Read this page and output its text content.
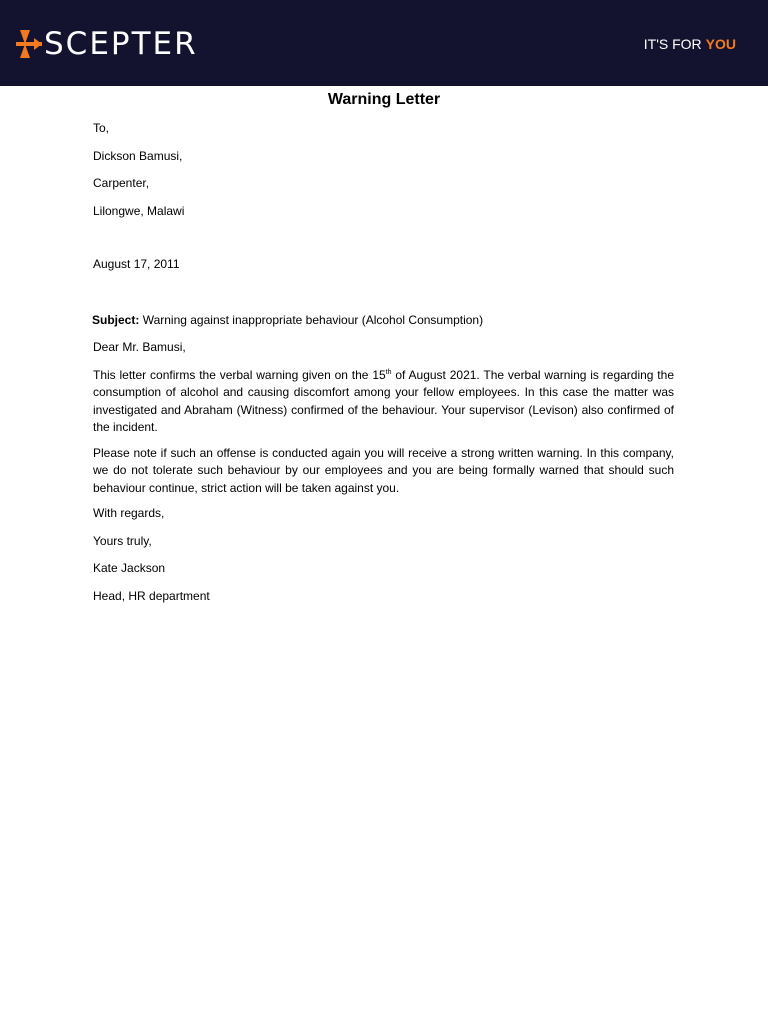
SCEPTER	IT'S FOR YOU
Warning Letter
To,
Dickson Bamusi,
Carpenter,
Lilongwe, Malawi
August 17, 2011
Subject: Warning against inappropriate behaviour (Alcohol Consumption)
Dear Mr. Bamusi,

This letter confirms the verbal warning given on the 15th of August 2021. The verbal warning is regarding the consumption of alcohol and causing discomfort among your fellow employees. In this case the matter was investigated and Abraham (Witness) confirmed of the behaviour. Your supervisor (Levison) also confirmed of the incident.

Please note if such an offense is conducted again you will receive a strong written warning. In this company, we do not tolerate such behaviour by our employees and you are being formally warned that should such behaviour continue, strict action will be taken against you.

With regards,
Yours truly,
Kate Jackson
Head, HR department
